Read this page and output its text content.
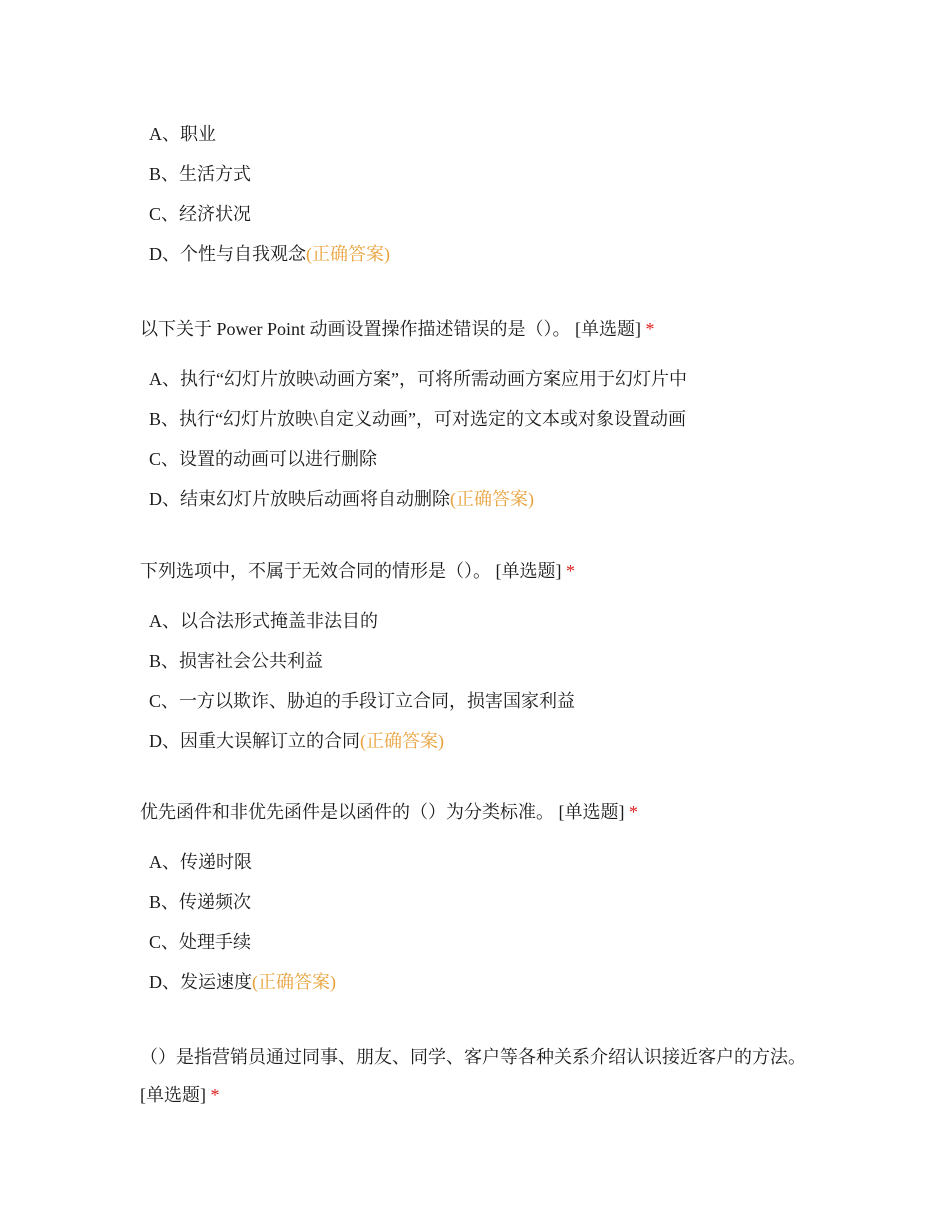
A、职业
B、生活方式
C、经济状况
D、个性与自我观念(正确答案)
以下关于 Power Point 动画设置操作描述错误的是（）。 [单选题] *
A、执行“幻灯片放映\动画方案”，可将所需动画方案应用于幻灯片中
B、执行“幻灯片放映\自定义动画”，可对选定的文本或对象设置动画
C、设置的动画可以进行删除
D、结束幻灯片放映后动画将自动删除(正确答案)
下列选项中，不属于无效合同的情形是（）。 [单选题] *
A、以合法形式掩盖非法目的
B、损害社会公共利益
C、一方以欺诈、胁迫的手段订立合同，损害国家利益
D、因重大误解订立的合同(正确答案)
优先函件和非优先函件是以函件的（）为分类标准。 [单选题] *
A、传递时限
B、传递频次
C、处理手续
D、发运速度(正确答案)
（）是指营销员通过同事、朋友、同学、客户等各种关系介绍认识接近客户的方法。 [单选题] *
